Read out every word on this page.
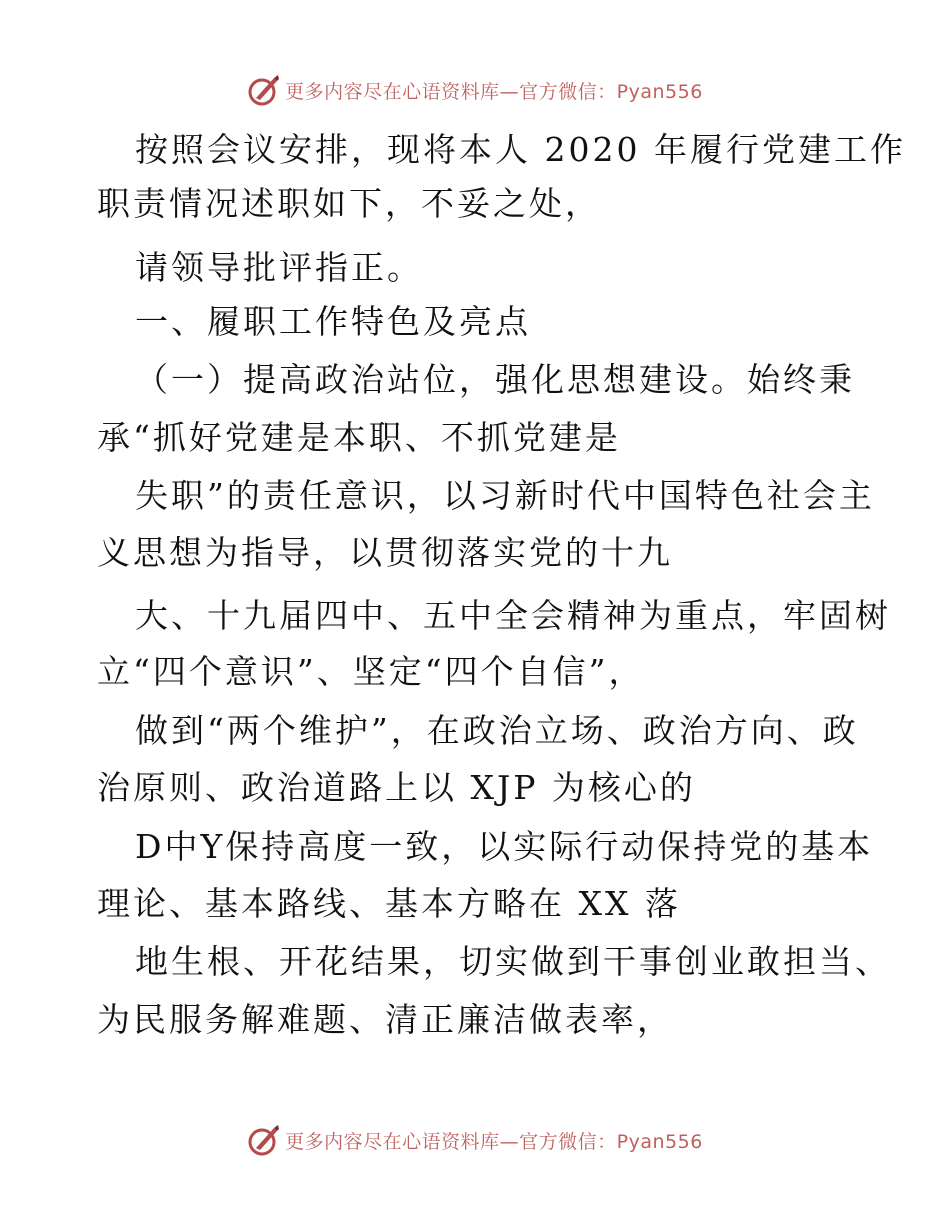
更多内容尽在心语资料库—官方微信：Pyan556
按照会议安排，现将本人 2020 年履行党建工作
职责情况述职如下，不妥之处，
请领导批评指正。
一、履职工作特色及亮点
（一）提高政治站位，强化思想建设。始终秉
承“抓好党建是本职、不抓党建是
失职”的责任意识，以习新时代中国特色社会主
义思想为指导，以贯彻落实党的十九
大、十九届四中、五中全会精神为重点，牢固树
立“四个意识”、坚定“四个自信”，
做到“两个维护”，在政治立场、政治方向、政
治原则、政治道路上以 XJP 为核心的
D中Y保持高度一致，以实际行动保持党的基本
理论、基本路线、基本方略在 XX 落
地生根、开花结果，切实做到干事创业敢担当、
为民服务解难题、清正廉洁做表率，
更多内容尽在心语资料库—官方微信：Pyan556
